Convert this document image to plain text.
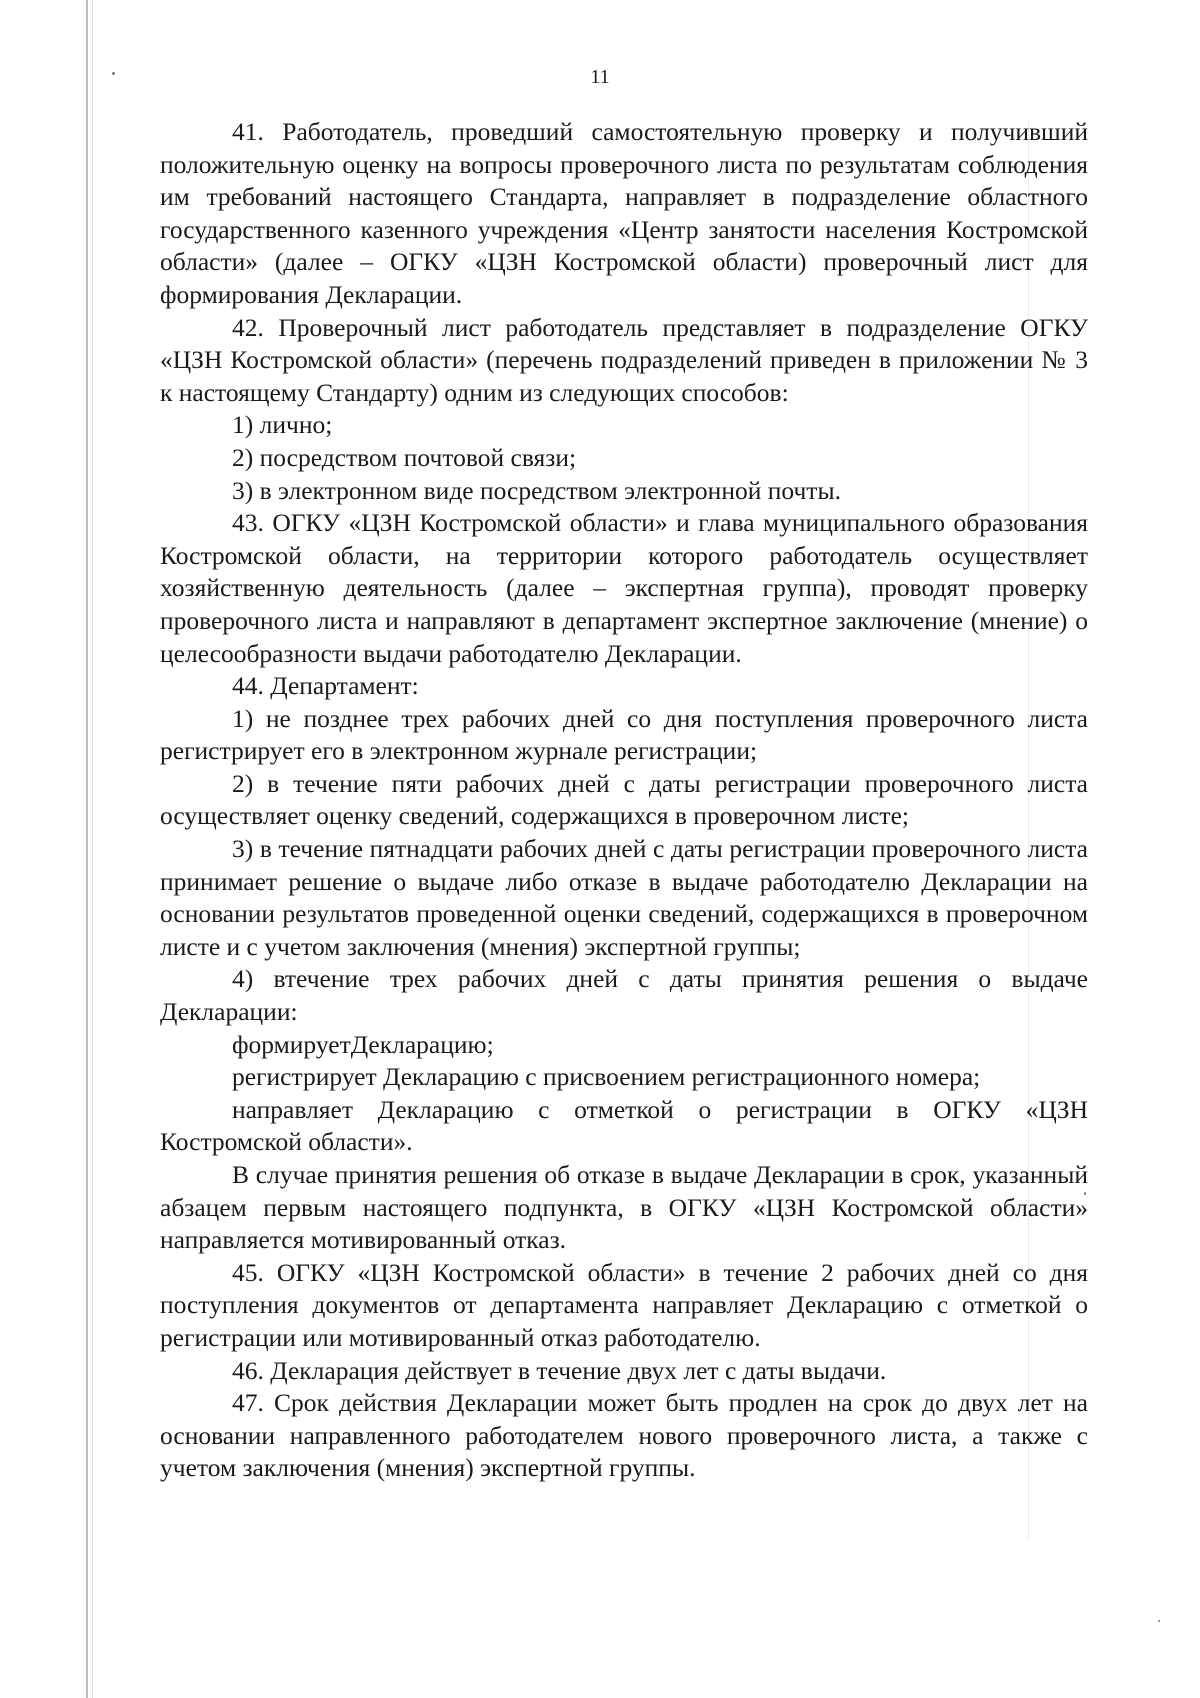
11

41. Работодатель, проведший самостоятельную проверку и получивший положительную оценку на вопросы проверочного листа по результатам соблюдения им требований настоящего Стандарта, направляет в подразделение областного государственного казенного учреждения «Центр занятости населения Костромской области» (далее – ОГКУ «ЦЗН Костромской области) проверочный лист для формирования Декларации.

42. Проверочный лист работодатель представляет в подразделение ОГКУ «ЦЗН Костромской области» (перечень подразделений приведен в приложении № 3 к настоящему Стандарту) одним из следующих способов:

1) лично;

2) посредством почтовой связи;

3) в электронном виде посредством электронной почты.

43. ОГКУ «ЦЗН Костромской области» и глава муниципального образования Костромской области, на территории которого работодатель осуществляет хозяйственную деятельность (далее – экспертная группа), проводят проверку проверочного листа и направляют в департамент экспертное заключение (мнение) о целесообразности выдачи работодателю Декларации.

44. Департамент:

1) не позднее трех рабочих дней со дня поступления проверочного листа регистрирует его в электронном журнале регистрации;

2) в течение пяти рабочих дней с даты регистрации проверочного листа осуществляет оценку сведений, содержащихся в проверочном листе;

3) в течение пятнадцати рабочих дней с даты регистрации проверочного листа принимает решение о выдаче либо отказе в выдаче работодателю Декларации на основании результатов проведенной оценки сведений, содержащихся в проверочном листе и с учетом заключения (мнения) экспертной группы;

4) втечение трех рабочих дней с даты принятия решения о выдаче Декларации:

формируетДекларацию;

регистрирует Декларацию с присвоением регистрационного номера;

направляет Декларацию с отметкой о регистрации в ОГКУ «ЦЗН Костромской области».

В случае принятия решения об отказе в выдаче Декларации в срок, указанный абзацем первым настоящего подпункта, в ОГКУ «ЦЗН Костромской области» направляется мотивированный отказ.

45. ОГКУ «ЦЗН Костромской области» в течение 2 рабочих дней со дня поступления документов от департамента направляет Декларацию с отметкой о регистрации или мотивированный отказ работодателю.

46. Декларация действует в течение двух лет с даты выдачи.

47. Срок действия Декларации может быть продлен на срок до двух лет на основании направленного работодателем нового проверочного листа, а также с учетом заключения (мнения) экспертной группы.
